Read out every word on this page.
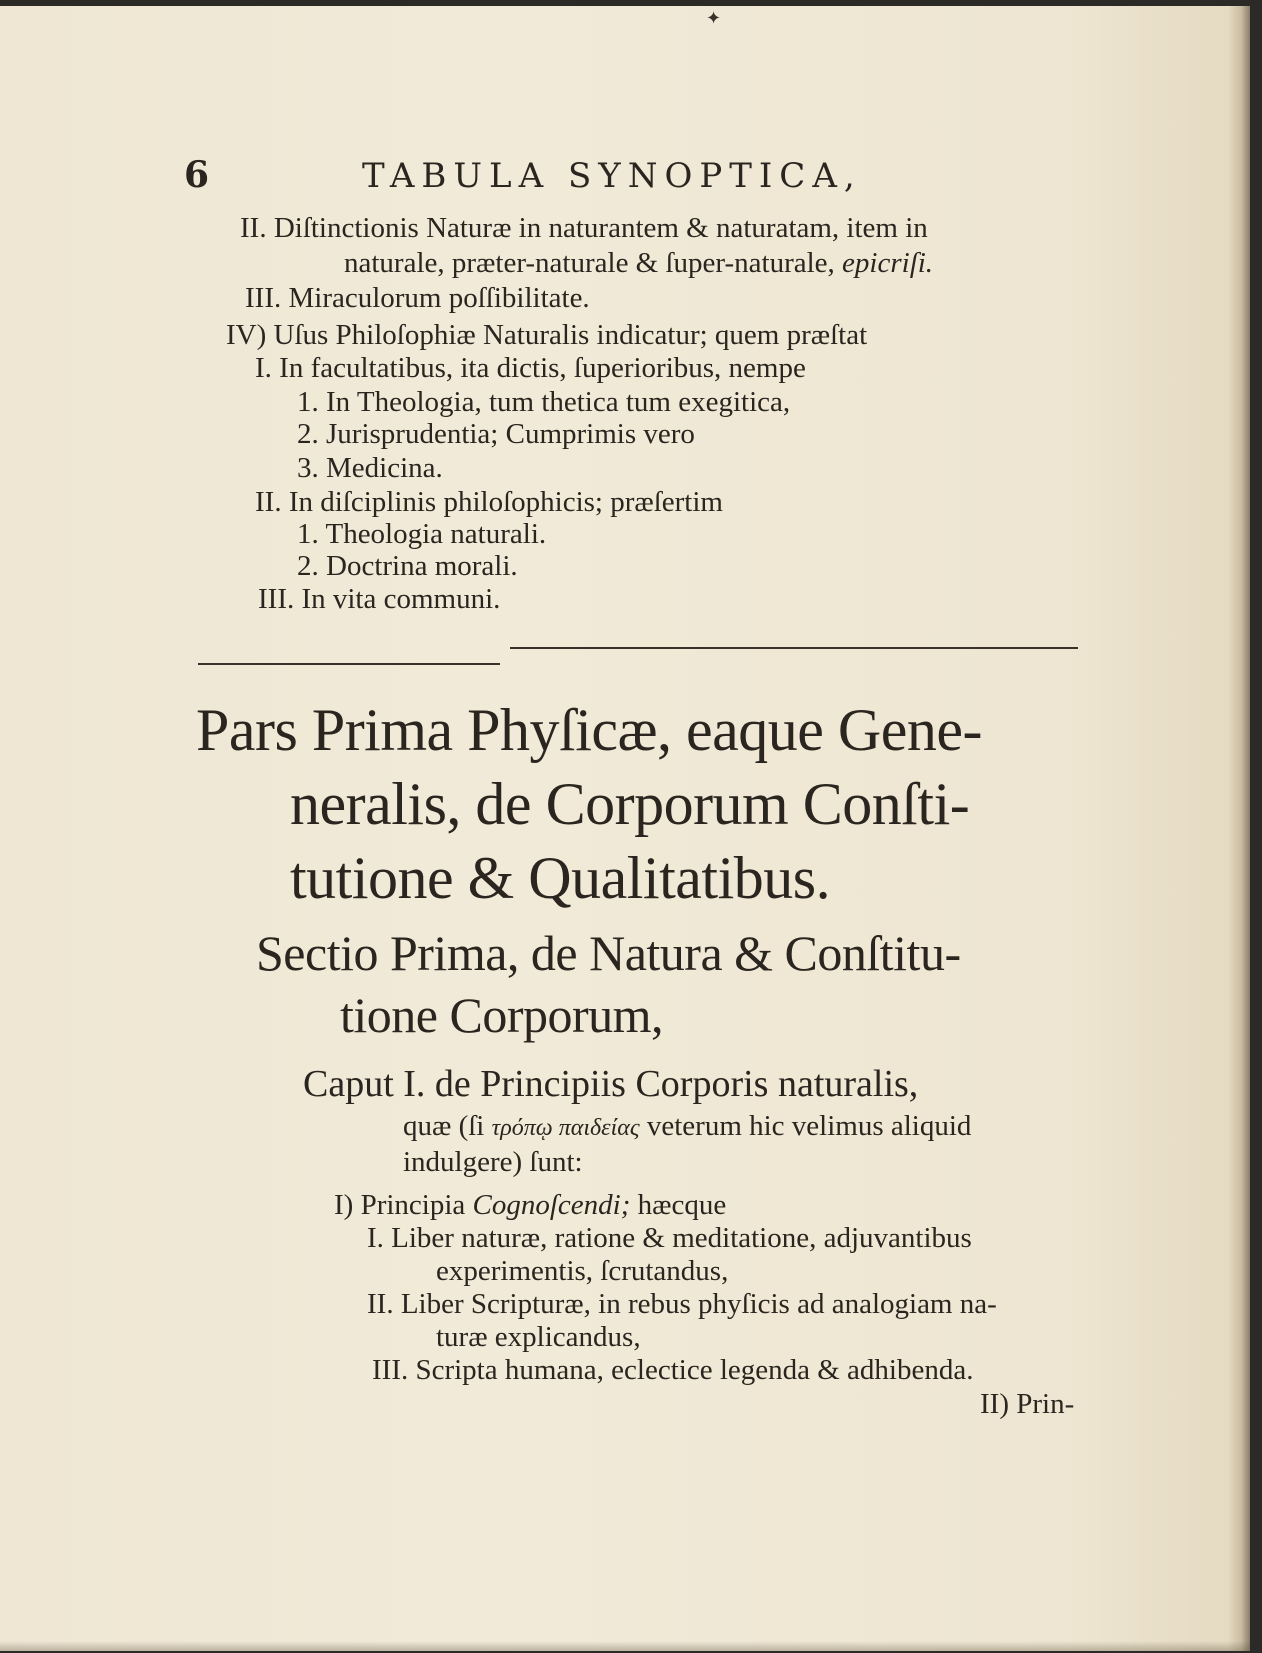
✦
6	TABULA SYNOPTICA,
II. Diſtinctionis Naturæ in naturantem & naturatam, item in
naturale, præter-naturale & ſuper-naturale, epicriſi.
III. Miraculorum poſſibilitate.
IV) Uſus Philoſophiæ Naturalis indicatur; quem præſtat
I. In facultatibus, ita dictis, ſuperioribus, nempe
1. In Theologia, tum thetica tum exegitica,
2. Jurisprudentia; Cumprimis vero
3. Medicina.
II. In diſciplinis philoſophicis; præſertim
1. Theologia naturali.
2. Doctrina morali.
III. In vita communi.
Pars Prima Phyſicæ, eaque Gene-
neralis, de Corporum Conſti-
tutione & Qualitatibus.
Sectio Prima, de Natura & Conſtitu-
tione Corporum,
Caput I. de Principiis Corporis naturalis,
quæ (ſi τρόπῳ παιδείας veterum hic velimus aliquid
indulgere) ſunt:
I) Principia Cognoſcendi; hæcque
I. Liber naturæ, ratione & meditatione, adjuvantibus
experimentis, ſcrutandus,
II. Liber Scripturæ, in rebus phyſicis ad analogiam na-
turæ explicandus,
III. Scripta humana, eclectice legenda & adhibenda.
II) Prin-
